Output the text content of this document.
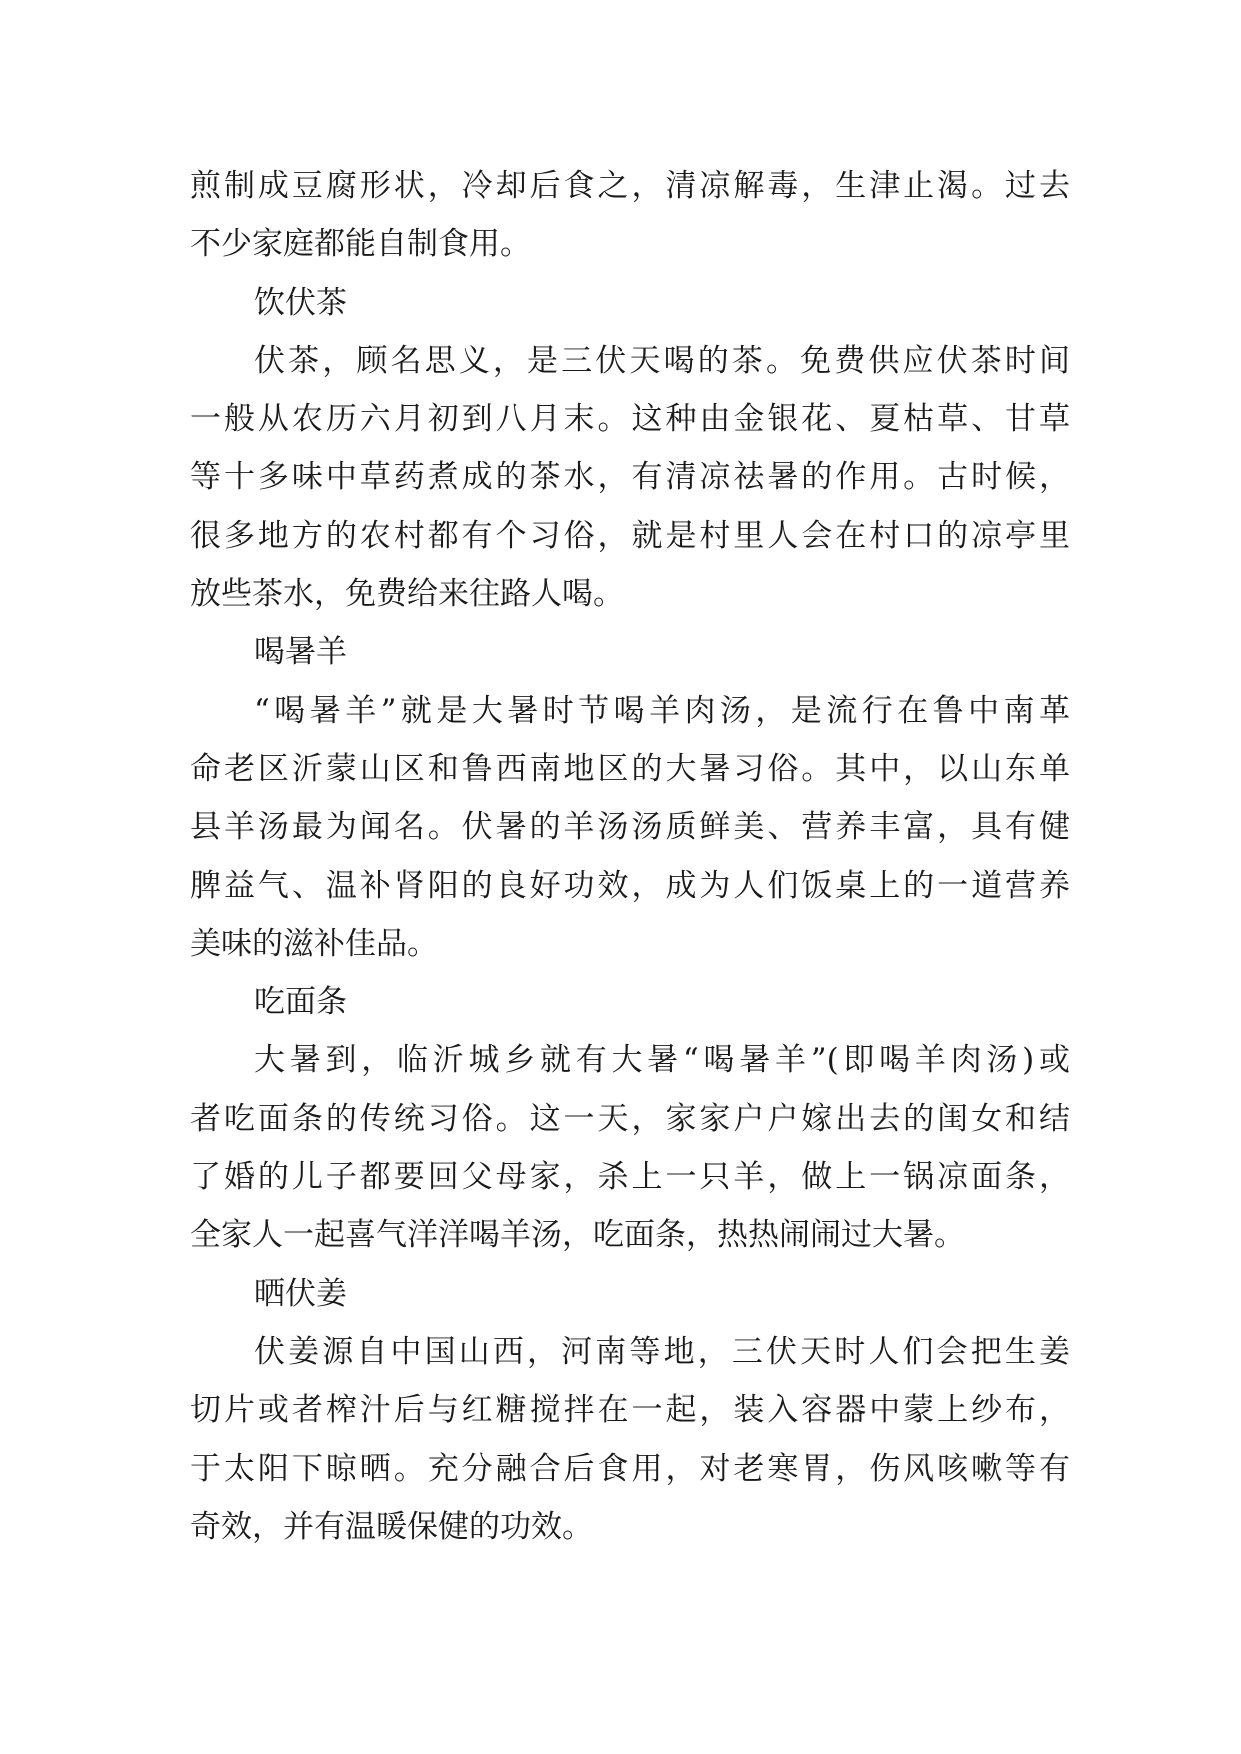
煎制成豆腐形状，冷却后食之，清凉解毒，生津止渴。过去
不少家庭都能自制食用。
饮伏茶
伏茶，顾名思义，是三伏天喝的茶。免费供应伏茶时间
一般从农历六月初到八月末。这种由金银花、夏枯草、甘草
等十多味中草药煮成的茶水，有清凉祛暑的作用。古时候，
很多地方的农村都有个习俗，就是村里人会在村口的凉亭里
放些茶水，免费给来往路人喝。
喝暑羊
“喝暑羊”就是大暑时节喝羊肉汤，是流行在鲁中南革
命老区沂蒙山区和鲁西南地区的大暑习俗。其中，以山东单
县羊汤最为闻名。伏暑的羊汤汤质鲜美、营养丰富，具有健
脾益气、温补肾阳的良好功效，成为人们饭桌上的一道营养
美味的滋补佳品。
吃面条
大暑到，临沂城乡就有大暑“喝暑羊”(即喝羊肉汤)或
者吃面条的传统习俗。这一天，家家户户嫁出去的闺女和结
了婚的儿子都要回父母家，杀上一只羊，做上一锅凉面条，
全家人一起喜气洋洋喝羊汤，吃面条，热热闹闹过大暑。
晒伏姜
伏姜源自中国山西，河南等地，三伏天时人们会把生姜
切片或者榨汁后与红糖搅拌在一起，装入容器中蒙上纱布，
于太阳下晾晒。充分融合后食用，对老寒胃，伤风咳嗽等有
奇效，并有温暖保健的功效。
